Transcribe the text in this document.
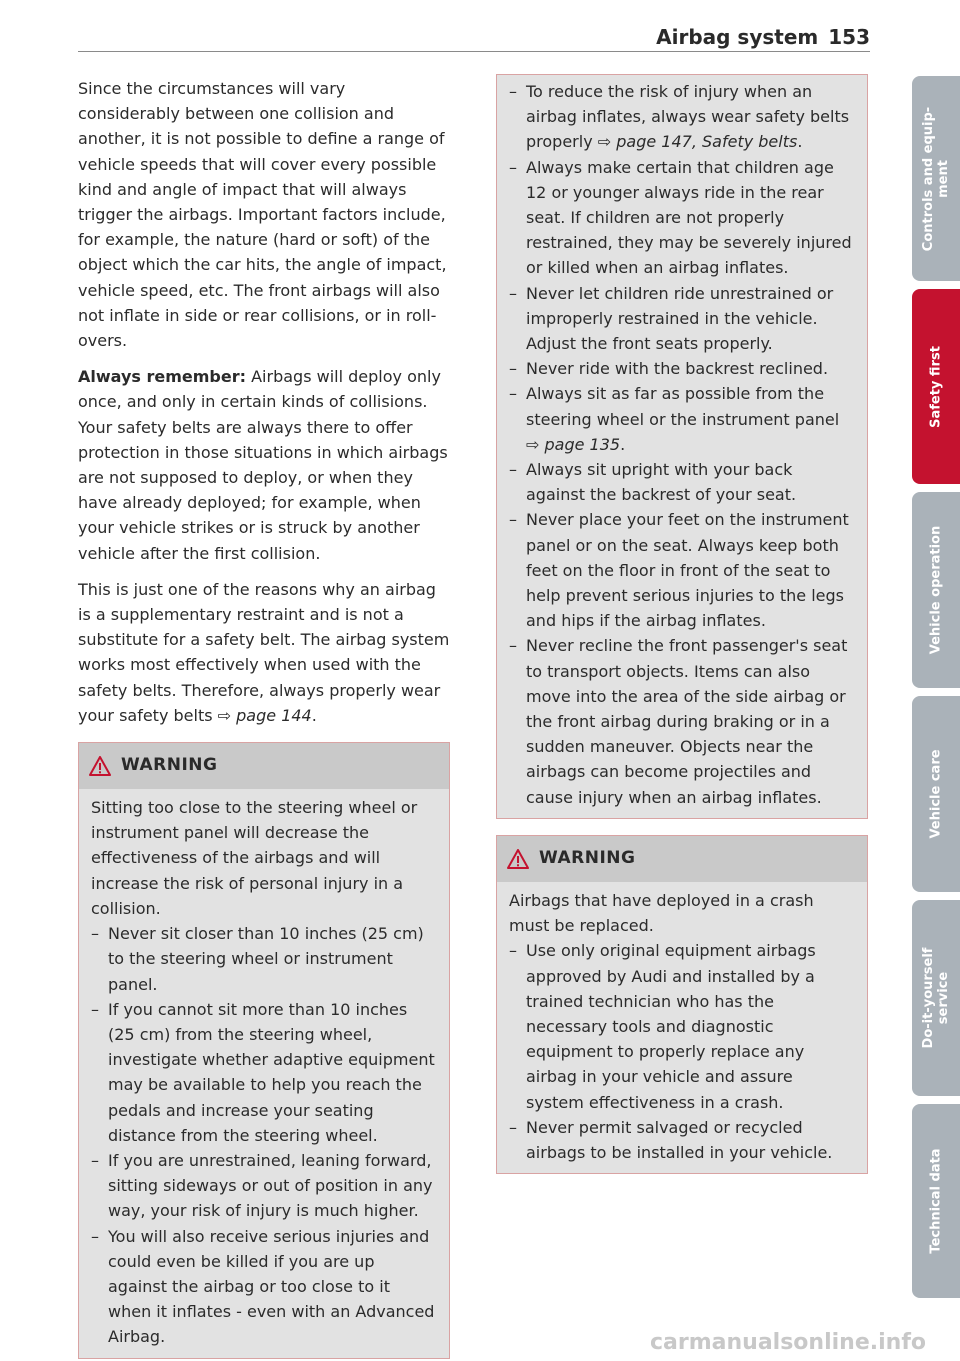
Airbag system 153

Since the circumstances will vary considerably between one collision and another, it is not possible to define a range of vehicle speeds that will cover every possible kind and angle of impact that will always trigger the airbags. Important factors include, for example, the nature (hard or soft) of the object which the car hits, the angle of impact, vehicle speed, etc. The front airbags will also not inflate in side or rear collisions, or in roll-overs.

Always remember: Airbags will deploy only once, and only in certain kinds of collisions. Your safety belts are always there to offer protection in those situations in which airbags are not supposed to deploy, or when they have already deployed; for example, when your vehicle strikes or is struck by another vehicle after the first collision.

This is just one of the reasons why an airbag is a supplementary restraint and is not a substitute for a safety belt. The airbag system works most effectively when used with the safety belts. Therefore, always properly wear your safety belts ⇨ page 144.

WARNING

Sitting too close to the steering wheel or instrument panel will decrease the effectiveness of the airbags and will increase the risk of personal injury in a collision.

– Never sit closer than 10 inches (25 cm) to the steering wheel or instrument panel.
– If you cannot sit more than 10 inches (25 cm) from the steering wheel, investigate whether adaptive equipment may be available to help you reach the pedals and increase your seating distance from the steering wheel.
– If you are unrestrained, leaning forward, sitting sideways or out of position in any way, your risk of injury is much higher.
– You will also receive serious injuries and could even be killed if you are up against the airbag or too close to it when it inflates - even with an Advanced Airbag.
– To reduce the risk of injury when an airbag inflates, always wear safety belts properly ⇨ page 147, Safety belts.
– Always make certain that children age 12 or younger always ride in the rear seat. If children are not properly restrained, they may be severely injured or killed when an airbag inflates.
– Never let children ride unrestrained or improperly restrained in the vehicle. Adjust the front seats properly.
– Never ride with the backrest reclined.
– Always sit as far as possible from the steering wheel or the instrument panel ⇨ page 135.
– Always sit upright with your back against the backrest of your seat.
– Never place your feet on the instrument panel or on the seat. Always keep both feet on the floor in front of the seat to help prevent serious injuries to the legs and hips if the airbag inflates.
– Never recline the front passenger's seat to transport objects. Items can also move into the area of the side airbag or the front airbag during braking or in a sudden maneuver. Objects near the airbags can become projectiles and cause injury when an airbag inflates.
WARNING

Airbags that have deployed in a crash must be replaced.

– Use only original equipment airbags approved by Audi and installed by a trained technician who has the necessary tools and diagnostic equipment to properly replace any airbag in your vehicle and assure system effectiveness in a crash.
– Never permit salvaged or recycled airbags to be installed in your vehicle.
Controls and equip-
ment
Safety first
Vehicle operation
Vehicle care
Do-it-yourself
service
Technical data
carmanualsonline.info
